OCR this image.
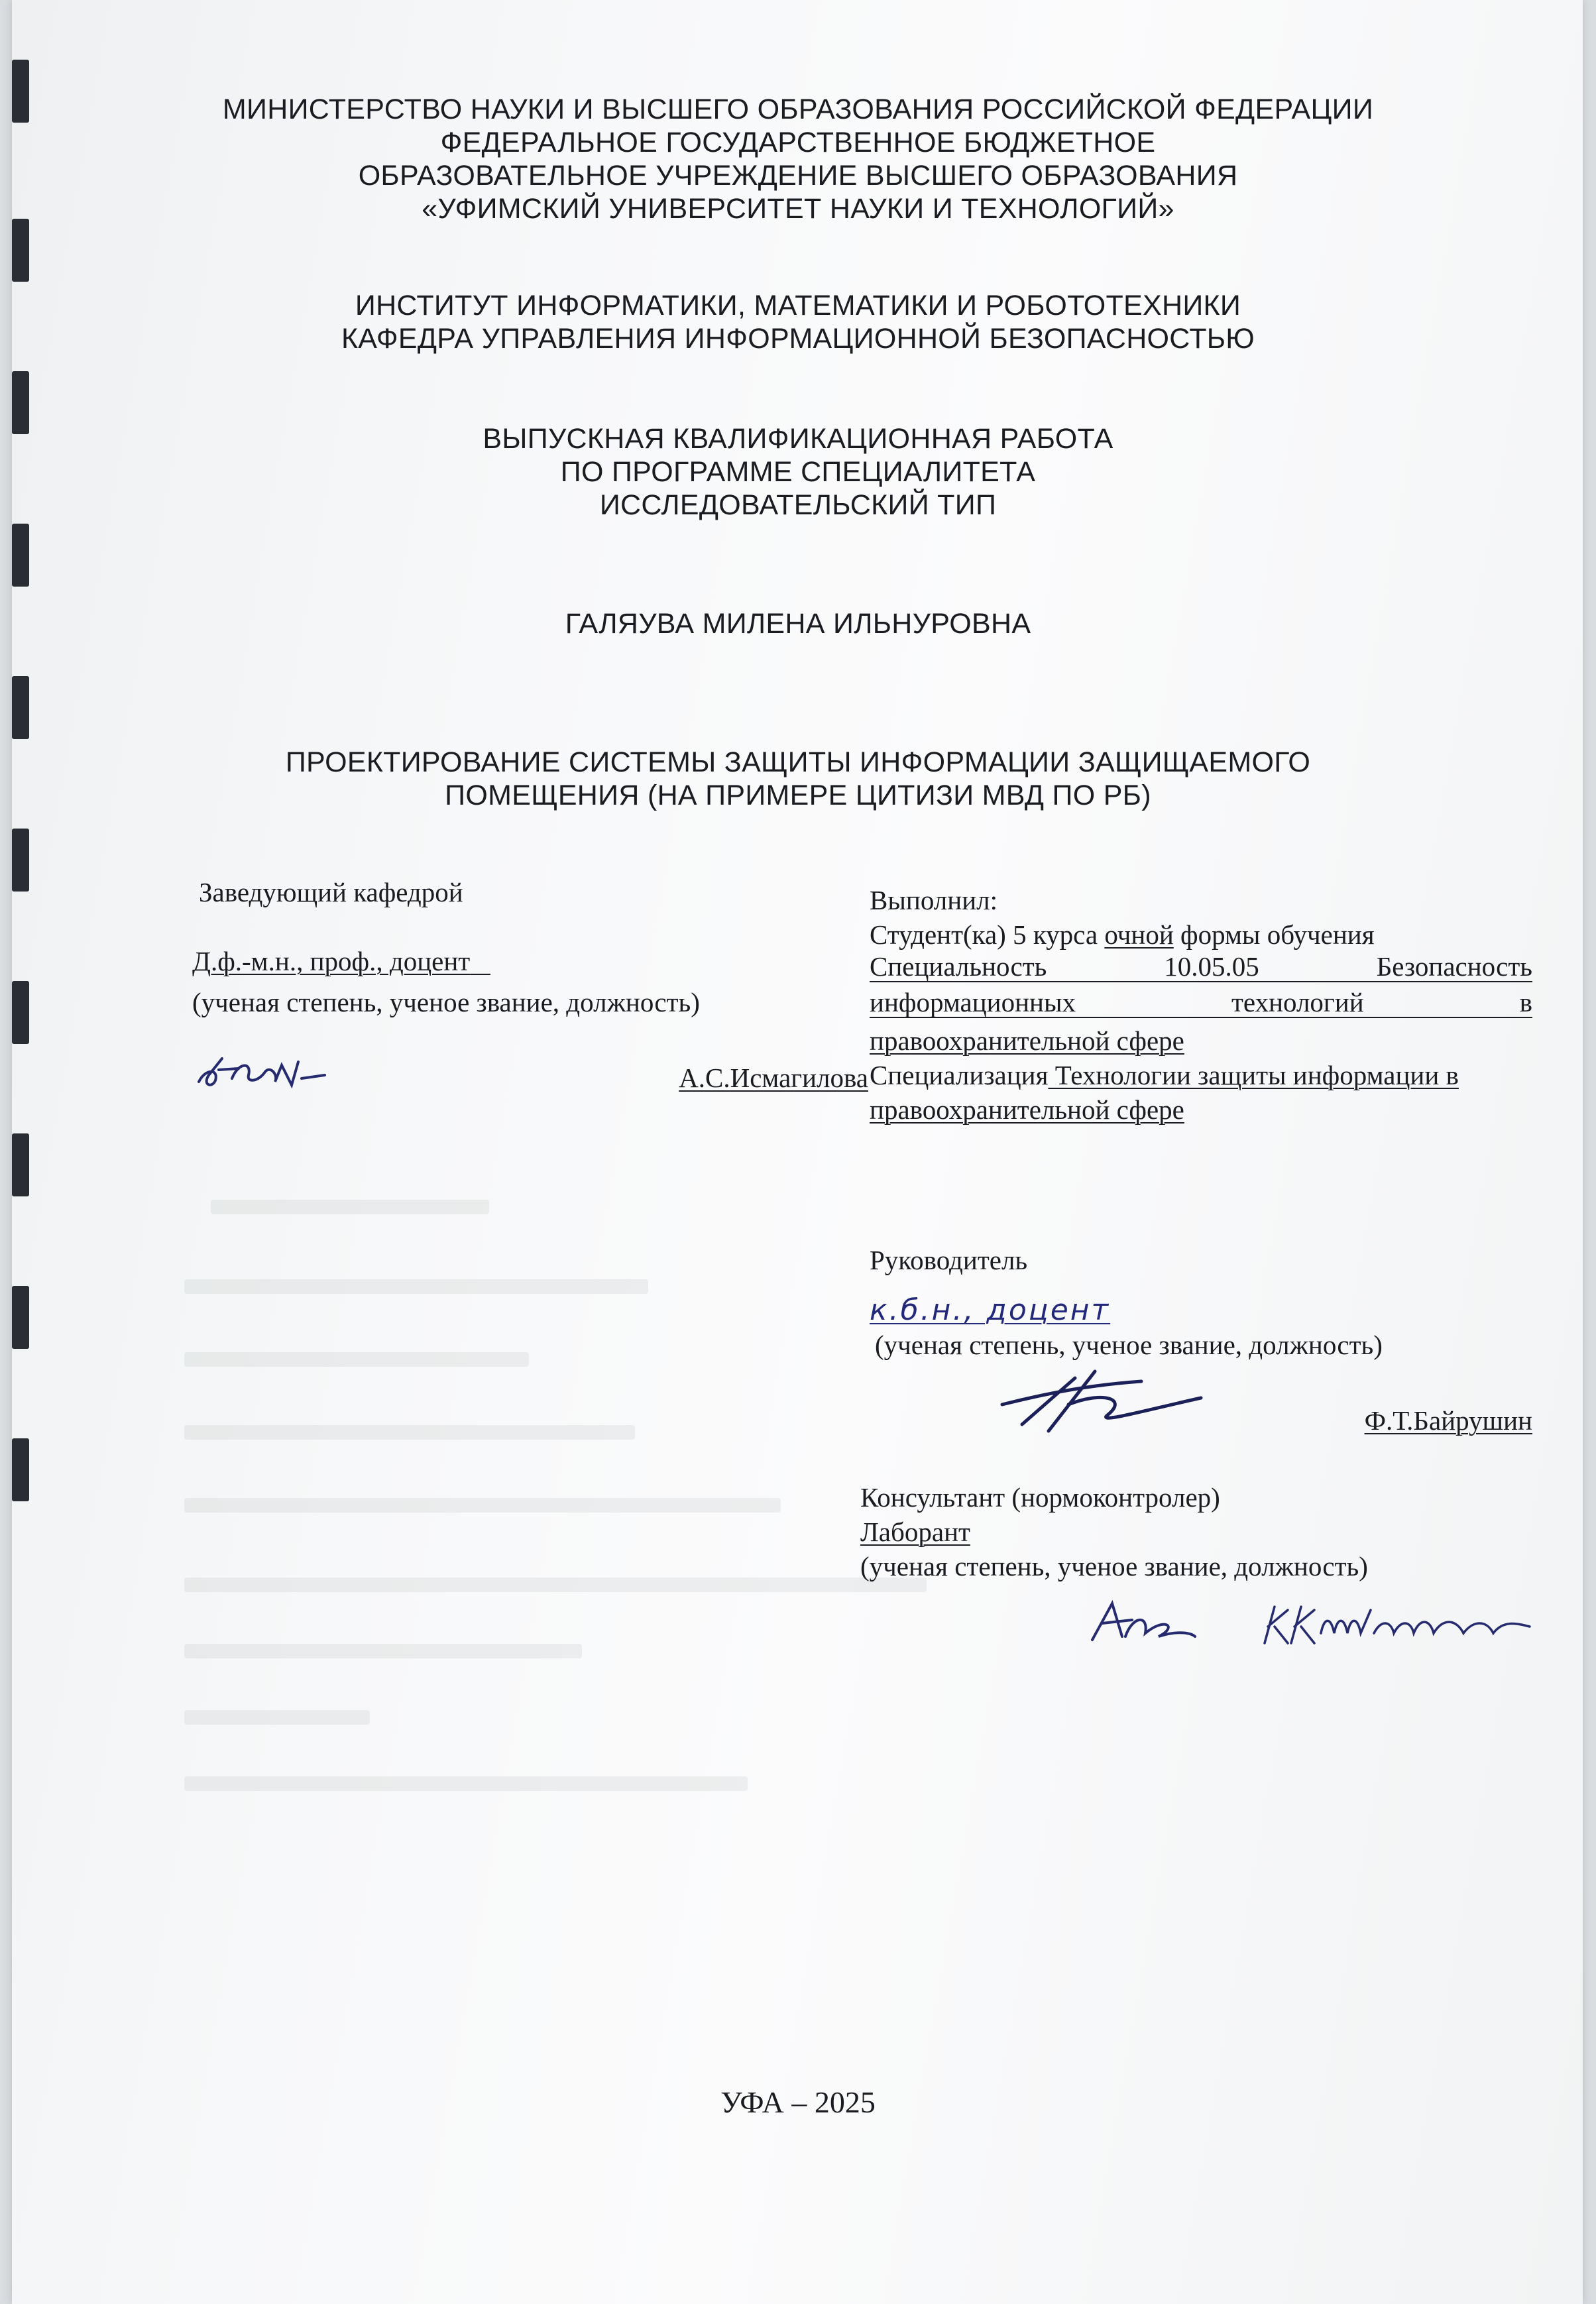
МИНИСТЕРСТВО НАУКИ И ВЫСШЕГО ОБРАЗОВАНИЯ РОССИЙСКОЙ ФЕДЕРАЦИИ
ФЕДЕРАЛЬНОЕ ГОСУДАРСТВЕННОЕ БЮДЖЕТНОЕ
ОБРАЗОВАТЕЛЬНОЕ УЧРЕЖДЕНИЕ ВЫСШЕГО ОБРАЗОВАНИЯ
«УФИМСКИЙ УНИВЕРСИТЕТ НАУКИ И ТЕХНОЛОГИЙ»
ИНСТИТУТ ИНФОРМАТИКИ, МАТЕМАТИКИ И РОБОТОТЕХНИКИ
КАФЕДРА УПРАВЛЕНИЯ ИНФОРМАЦИОННОЙ БЕЗОПАСНОСТЬЮ
ВЫПУСКНАЯ КВАЛИФИКАЦИОННАЯ РАБОТА
ПО ПРОГРАММЕ СПЕЦИАЛИТЕТА
ИССЛЕДОВАТЕЛЬСКИЙ ТИП
ГАЛЯУВА МИЛЕНА ИЛЬНУРОВНА
ПРОЕКТИРОВАНИЕ СИСТЕМЫ ЗАЩИТЫ ИНФОРМАЦИИ ЗАЩИЩАЕМОГО
ПОМЕЩЕНИЯ (НА ПРИМЕРЕ ЦИТИЗИ МВД ПО РБ)
Заведующий кафедрой
Д.ф.-м.н., проф., доцент
(ученая степень, ученое звание, должность)
А.С.Исмагилова
Выполнил:
Студент(ка) 5 курса очной формы обучения
Специальность	10.05.05	Безопасность
информационных	технологий	в
правоохранительной сфере
Специализация Технологии защиты информации в
правоохранительной сфере
Руководитель
к.б.н., доцент
(ученая степень, ученое звание, должность)
Ф.Т.Байрушин
Консультант (нормоконтролер)
Лаборант
(ученая степень, ученое звание, должность)
УФА – 2025
